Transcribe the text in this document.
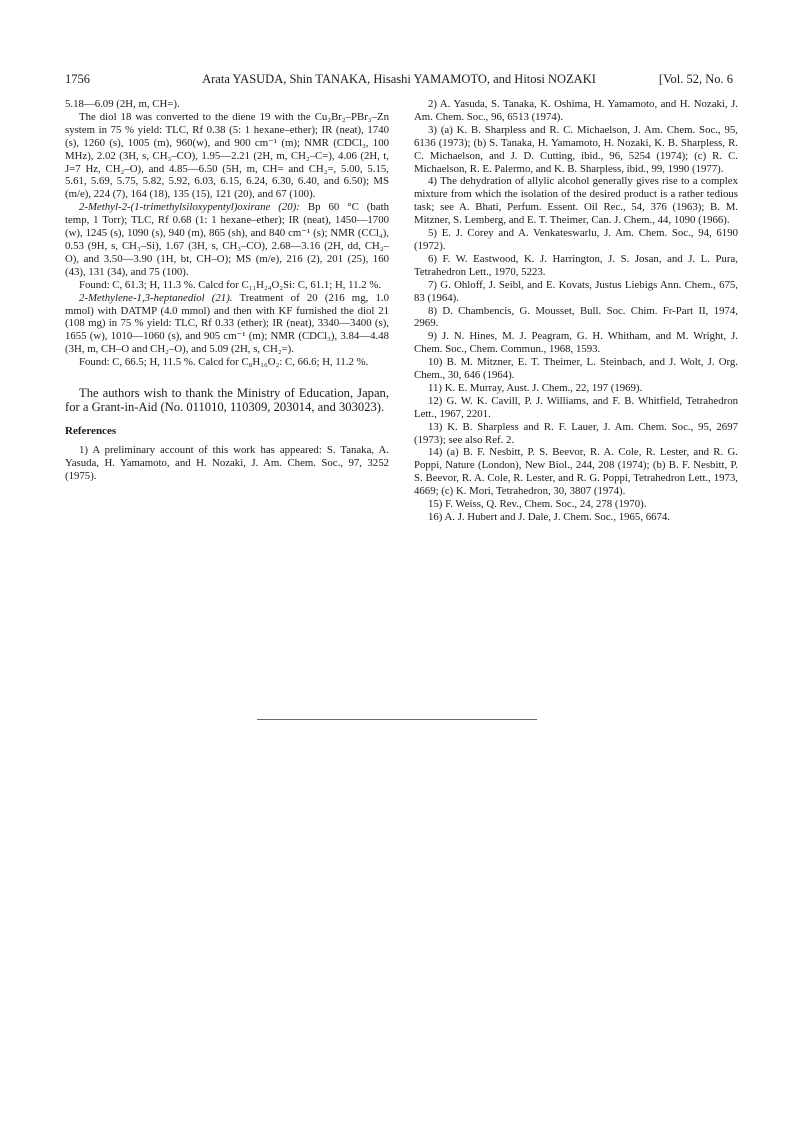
1756	Arata YASUDA, Shin TANAKA, Hisashi YAMAMOTO, and Hitosi NOZAKI	[Vol. 52, No. 6

5.18—6.09 (2H, m, CH=).

The diol 18 was converted to the diene 19 with the Cu₂Br₂–PBr₃–Zn system in 75 % yield: TLC, Rf 0.38 (5: 1 hexane–ether); IR (neat), 1740 (s), 1260 (s), 1005 (m), 960(w), and 900 cm⁻¹ (m); NMR (CDCl₃, 100 MHz), 2.02 (3H, s, CH₃–CO), 1.95—2.21 (2H, m, CH₂–C=), 4.06 (2H, t, J=7 Hz, CH₂–O), and 4.85—6.50 (5H, m, CH= and CH₂=, 5.00, 5.15, 5.61, 5.69, 5.75, 5.82, 5.92, 6.03, 6.15, 6.24, 6.30, 6.40, and 6.50); MS (m/e), 224 (7), 164 (18), 135 (15), 121 (20), and 67 (100).

2-Methyl-2-(1-trimethylsiloxypentyl)oxirane (20): Bp 60 °C (bath temp, 1 Torr); TLC, Rf 0.68 (1: 1 hexane–ether); IR (neat), 1450—1700 (w), 1245 (s), 1090 (s), 940 (m), 865 (sh), and 840 cm⁻¹ (s); NMR (CCl₄), 0.53 (9H, s, CH₃–Si), 1.67 (3H, s, CH₃–CO), 2.68—3.16 (2H, dd, CH₂–O), and 3.50—3.90 (1H, bt, CH–O); MS (m/e), 216 (2), 201 (25), 160 (43), 131 (34), and 75 (100).

Found: C, 61.3; H, 11.3 %. Calcd for C₁₁H₂₄O₂Si: C, 61.1; H, 11.2 %.

2-Methylene-1,3-heptanediol (21). Treatment of 20 (216 mg, 1.0 mmol) with DATMP (4.0 mmol) and then with KF furnished the diol 21 (108 mg) in 75 % yield: TLC, Rf 0.33 (ether); IR (neat), 3340—3400 (s), 1655 (w), 1010—1060 (s), and 905 cm⁻¹ (m); NMR (CDCl₃), 3.84—4.48 (3H, m, CH–O and CH₂–O), and 5.09 (2H, s, CH₂=).

Found: C, 66.5; H, 11.5 %. Calcd for C₈H₁₆O₂: C, 66.6; H, 11.2 %.

The authors wish to thank the Ministry of Education, Japan, for a Grant-in-Aid (No. 011010, 110309, 203014, and 303023).

References

1) A preliminary account of this work has appeared: S. Tanaka, A. Yasuda, H. Yamamoto, and H. Nozaki, J. Am. Chem. Soc., 97, 3252 (1975).

2) A. Yasuda, S. Tanaka, K. Oshima, H. Yamamoto, and H. Nozaki, J. Am. Chem. Soc., 96, 6513 (1974).

3) (a) K. B. Sharpless and R. C. Michaelson, J. Am. Chem. Soc., 95, 6136 (1973); (b) S. Tanaka, H. Yamamoto, H. Nozaki, K. B. Sharpless, R. C. Michaelson, and J. D. Cutting, ibid., 96, 5254 (1974); (c) R. C. Michaelson, R. E. Palermo, and K. B. Sharpless, ibid., 99, 1990 (1977).

4) The dehydration of allylic alcohol generally gives rise to a complex mixture from which the isolation of the desired product is a rather tedious task; see A. Bhati, Perfum. Essent. Oil Rec., 54, 376 (1963); B. M. Mitzner, S. Lemberg, and E. T. Theimer, Can. J. Chem., 44, 1090 (1966).

5) E. J. Corey and A. Venkateswarlu, J. Am. Chem. Soc., 94, 6190 (1972).

6) F. W. Eastwood, K. J. Harrington, J. S. Josan, and J. L. Pura, Tetrahedron Lett., 1970, 5223.

7) G. Ohloff, J. Seibl, and E. Kovats, Justus Liebigs Ann. Chem., 675, 83 (1964).

8) D. Chambencis, G. Mousset, Bull. Soc. Chim. Fr-Part II, 1974, 2969.

9) J. N. Hines, M. J. Peagram, G. H. Whitham, and M. Wright, J. Chem. Soc., Chem. Commun., 1968, 1593.

10) B. M. Mitzner, E. T. Theimer, L. Steinbach, and J. Wolt, J. Org. Chem., 30, 646 (1964).

11) K. E. Murray, Aust. J. Chem., 22, 197 (1969).

12) G. W. K. Cavill, P. J. Williams, and F. B. Whitfield, Tetrahedron Lett., 1967, 2201.

13) K. B. Sharpless and R. F. Lauer, J. Am. Chem. Soc., 95, 2697 (1973); see also Ref. 2.

14) (a) B. F. Nesbitt, P. S. Beevor, R. A. Cole, R. Lester, and R. G. Poppi, Nature (London), New Biol., 244, 208 (1974); (b) B. F. Nesbitt, P. S. Beevor, R. A. Cole, R. Lester, and R. G. Poppi, Tetrahedron Lett., 1973, 4669; (c) K. Mori, Tetrahedron, 30, 3807 (1974).

15) F. Weiss, Q. Rev., Chem. Soc., 24, 278 (1970).

16) A. J. Hubert and J. Dale, J. Chem. Soc., 1965, 6674.
